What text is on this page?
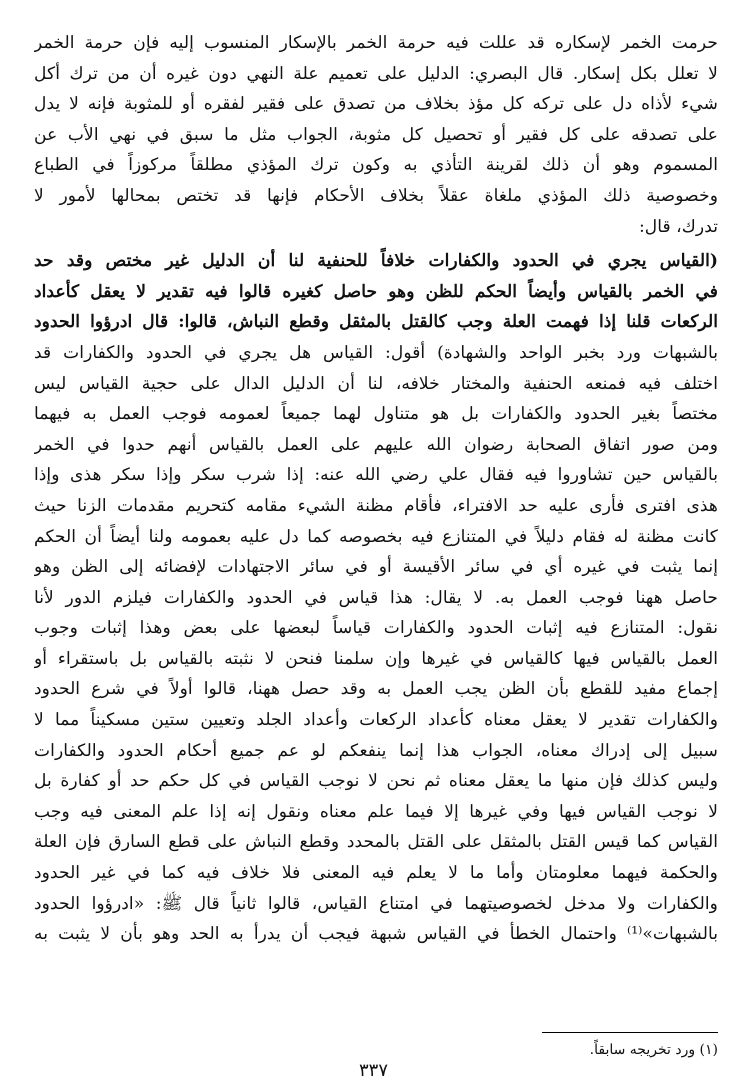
حرمت الخمر لإسكاره قد عللت فيه حرمة الخمر بالإسكار المنسوب إليه فإن حرمة الخمر
لا تعلل بكل إسكار. قال البصري: الدليل على تعميم علة النهي دون غيره أن من ترك أكل
شيء لأذاه دل على تركه كل مؤذ بخلاف من تصدق على فقير لفقره أو للمثوبة فإنه لا يدل
على تصدقه على كل فقير أو تحصيل كل مثوبة، الجواب مثل ما سبق في نهي الأب عن
المسموم وهو أن ذلك لقرينة التأذي به وكون ترك المؤذي مطلقاً مركوزاً في الطباع
وخصوصية ذلك المؤذي ملغاة عقلاً بخلاف الأحكام فإنها قد تختص بمحالها لأمور لا
تدرك، قال:
(القياس يجري في الحدود والكفارات خلافاً للحنفية لنا أن الدليل غير مختص وقد حد
في الخمر بالقياس وأيضاً الحكم للظن وهو حاصل كغيره قالوا فيه تقدير لا يعقل كأعداد
الركعات قلنا إذا فهمت العلة وجب كالقتل بالمثقل وقطع النباش، قالوا: قال ادرؤوا الحدود
بالشبهات ورد بخبر الواحد والشهادة) أقول: القياس هل يجري في الحدود والكفارات قد
اختلف فيه فمنعه الحنفية والمختار خلافه، لنا أن الدليل الدال على حجية القياس ليس
مختصاً بغير الحدود والكفارات بل هو متناول لهما جميعاً لعمومه فوجب العمل به فيهما
ومن صور اتفاق الصحابة رضوان الله عليهم على العمل بالقياس أنهم حدوا في الخمر
بالقياس حين تشاوروا فيه فقال علي رضي الله عنه: إذا شرب سكر وإذا سكر هذى وإذا
هذى افترى فأرى عليه حد الافتراء، فأقام مظنة الشيء مقامه كتحريم مقدمات الزنا حيث
كانت مظنة له فقام دليلاً في المتنازع فيه بخصوصه كما دل عليه بعمومه ولنا أيضاً أن الحكم
إنما يثبت في غيره أي في سائر الأقيسة أو في سائر الاجتهادات لإفضائه إلى الظن وهو
حاصل ههنا فوجب العمل به. لا يقال: هذا قياس في الحدود والكفارات فيلزم الدور لأنا
نقول: المتنازع فيه إثبات الحدود والكفارات قياساً لبعضها على بعض وهذا إثبات وجوب
العمل بالقياس فيها كالقياس في غيرها وإن سلمنا فنحن لا نثبته بالقياس بل باستقراء أو
إجماع مفيد للقطع بأن الظن يجب العمل به وقد حصل ههنا، قالوا أولاً في شرع الحدود
والكفارات تقدير لا يعقل معناه كأعداد الركعات وأعداد الجلد وتعيين ستين مسكيناً مما لا
سبيل إلى إدراك معناه، الجواب هذا إنما ينفعكم لو عم جميع أحكام الحدود والكفارات
وليس كذلك فإن منها ما يعقل معناه ثم نحن لا نوجب القياس في كل حكم حد أو كفارة بل
لا نوجب القياس فيها وفي غيرها إلا فيما علم معناه ونقول إنه إذا علم المعنى فيه وجب
القياس كما قيس القتل بالمثقل على القتل بالمحدد وقطع النباش على قطع السارق فإن العلة
والحكمة فيهما معلومتان وأما ما لا يعلم فيه المعنى فلا خلاف فيه كما في غير الحدود
والكفارات ولا مدخل لخصوصيتهما في امتناع القياس، قالوا ثانياً قال ﷺ: «ادرؤوا الحدود
بالشبهات»⁽¹⁾ واحتمال الخطأ في القياس شبهة فيجب أن يدرأ به الحد وهو بأن لا يثبت به
(١) ورد تخريجه سابقاً.
٣٣٧
